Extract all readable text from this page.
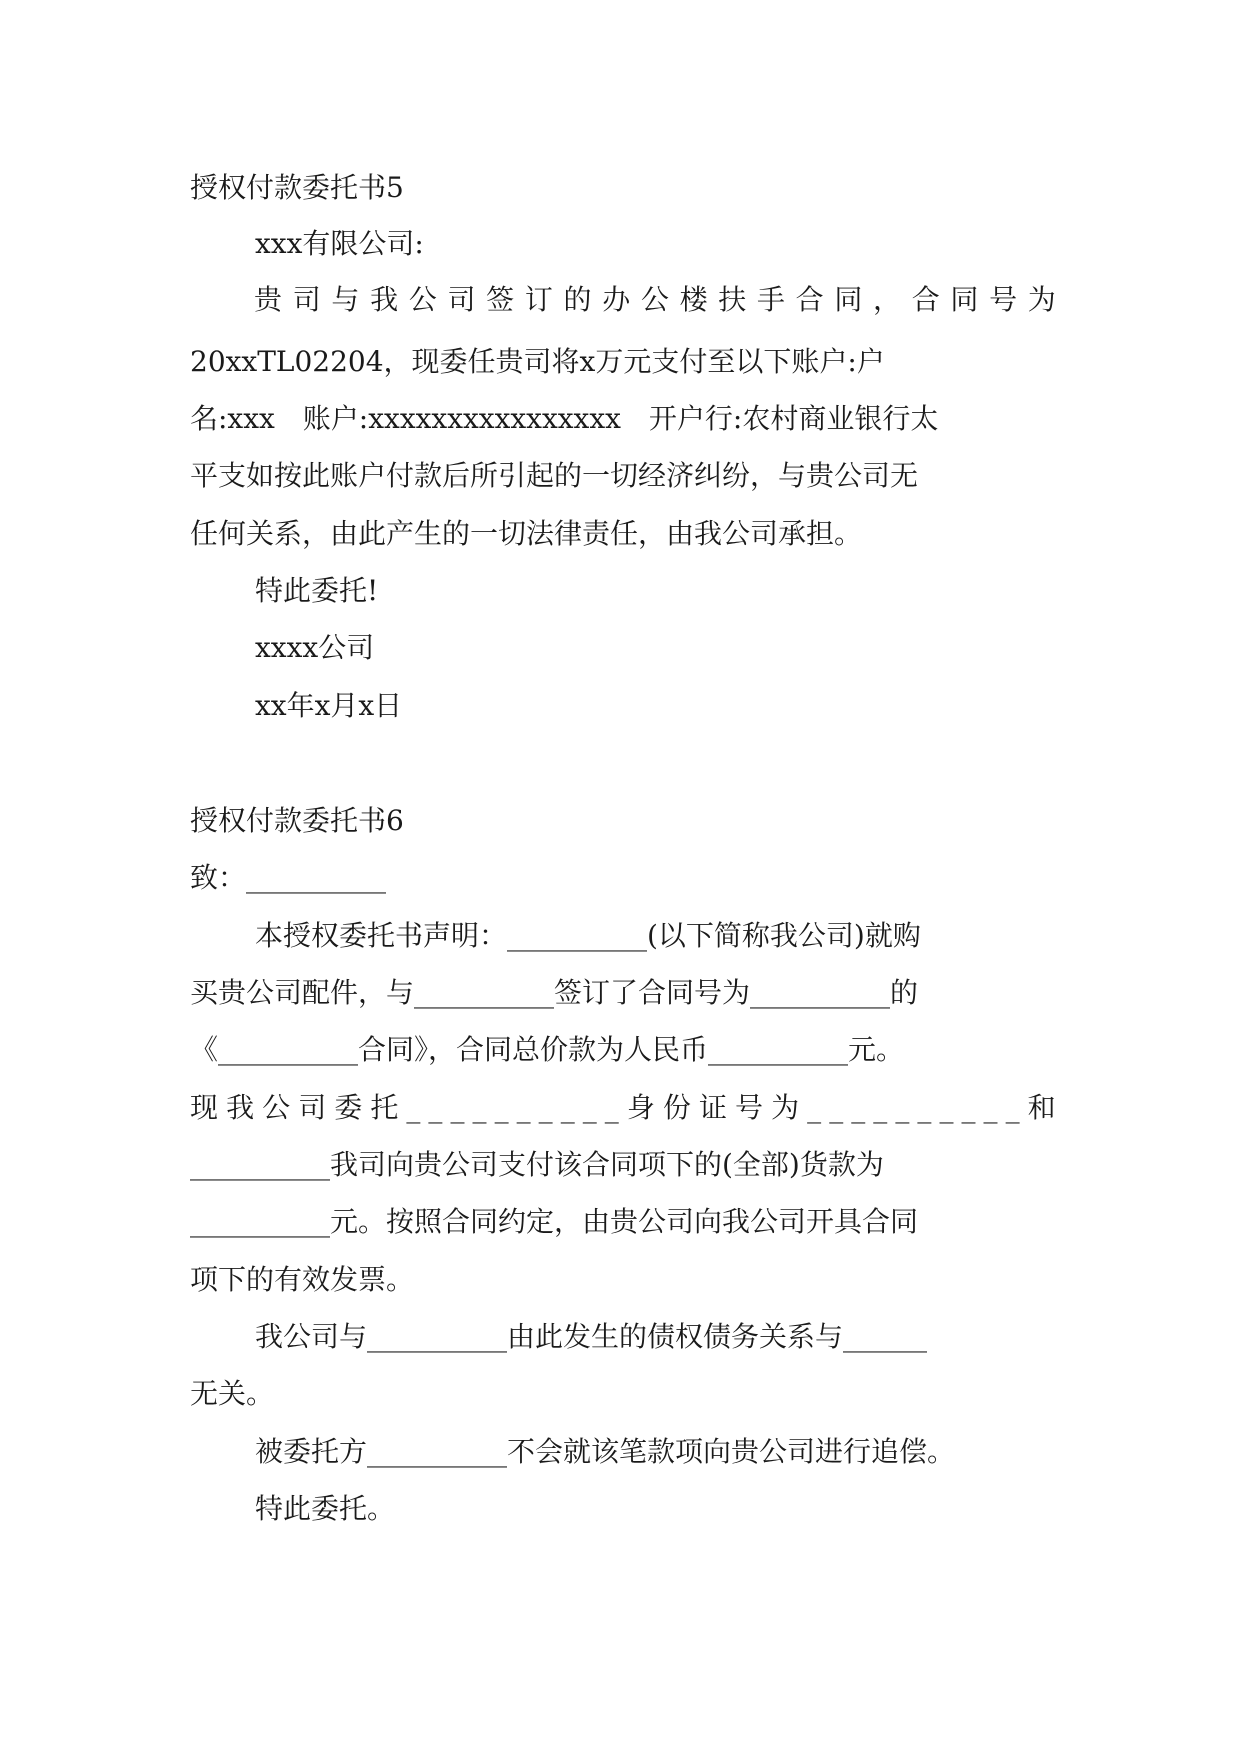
授权付款委托书5
xxx有限公司:
贵 司 与 我 公 司 签 订 的 办 公 楼 扶 手 合 同 ， 合 同 号 为
20xxTL02204，现委任贵司将x万元支付至以下账户:户
名:xxx　账户:xxxxxxxxxxxxxxxx　开户行:农村商业银行太
平支如按此账户付款后所引起的一切经济纠纷，与贵公司无
任何关系，由此产生的一切法律责任，由我公司承担。
特此委托!
xxxx公司
xx年x月x日
授权付款委托书6
致：__________
本授权委托书声明：__________(以下简称我公司)就购
买贵公司配件，与__________签订了合同号为__________的
《__________合同》，合同总价款为人民币__________元。
现 我 公 司 委 托 _ _ _ _ _ _ _ _ _ _ 身 份 证 号 为 _ _ _ _ _ _ _ _ _ _ 和
__________我司向贵公司支付该合同项下的(全部)货款为
__________元。按照合同约定，由贵公司向我公司开具合同
项下的有效发票。
我公司与__________由此发生的债权债务关系与______
无关。
被委托方__________不会就该笔款项向贵公司进行追偿。
特此委托。
